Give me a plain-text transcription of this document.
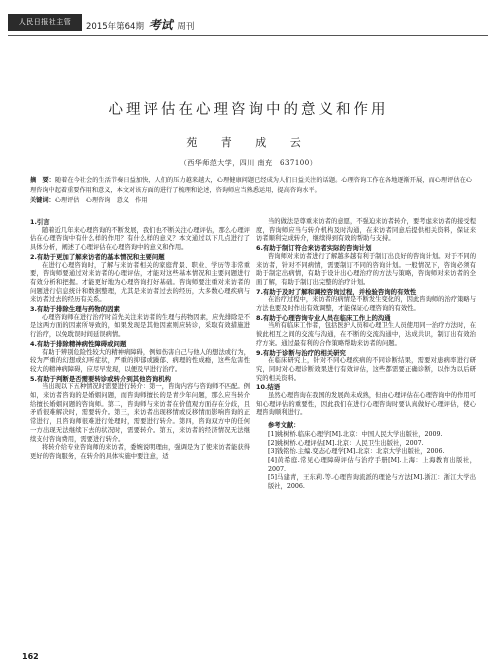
人民日报社主管	2015年第64期 考试 周刊
心理评估在心理咨询中的意义和作用
苑 青 成 云
（西华师范大学，四川 南充　637100）
摘　要：随着在今社会的生活节奏日益加快，人们的压力越来越大，心理健康问题已经成为人们日益关注的话题。心理咨询工作在各地逐渐开展，而心理评估在心理咨询中起着重要作用和意义，本文对该方面的进行了梳理和论述，咨询师应当熟悉运用，提高咨询水平。
关键词：心理评估　心理咨询　意义　作用

1.引言

随着近几年来心理咨询的不断发展，我们也不断关注心理评估，那么心理评估在心理咨询中有什么样的作用？有什么样的意义？本文通过以下几点进行了具体分析，阐述了心理评估在心理咨询中的意义和作用。

2.有助于更加了解来访者的基本情况和主要问题

在进行心理咨询时，了解与来访者相关的家庭背景、职业、学历等非常重要，咨询师要通过对来访者的心理评估，才能对这些基本情况和主要问题进行有效分析和把握。才能更好地为心理咨询打好基础。咨询师要注重对来访者的问题进行信息统计和数据整理，尤其是来访者过去的经历，大多数心理疾病与来访者过去的经历有关系。

3.有助于排除生理与药物的因素

心理咨询师在进行治疗时首先关注来访者的生理与药物因素，应先排除是不是这两方面的因素所导致的，如果发现是其他因素则应转诊，采取有效措施进行治疗，以免耽误时间延误病情。

4.有助于排除精神病性障碍或问题

有助于辨别危险性较大的精神病障碍，例如伤害自己与他人的想法或行为，较为严重的幻想或幻听症状，严重的抑郁或躁郁、病理的性成瘾，这些危害性较大的精神病障碍，应尽早发现，以便及早进行治疗。

5.有助于判断是否需要转诊或转介到其他咨询机构

当出现以下五种情况时需要进行转介：第一，咨询内容与咨询师不匹配。例如，来访者咨询的是婚姻问题，而咨询师擅长的是青少年问题，那么应当转介给擅长婚姻问题的咨询师。第二，咨询师与来访者在价值观方面存在分歧，且矛盾很难解决时，需要转介。第三，来访者出现移情或反移情而影响咨询的正常进行，且咨询师很难进行处理时，需要进行转介。第四，咨询双方中的任何一方出现无法继续下去的状况时，需要转介。第五，来访者的经济情况无法继续支付咨询费用，需要进行转介。

将转介给专业咨询师的来访者，委婉说明理由，强调是为了使来访者能获得更好的咨询服务，在转介的具体实施中要注意，适

当的做法是尊重来访者的意愿，不强迫来访者转介，要考虑来访者的接受程度，咨询师应当与转介机构及时沟通，在来访者同意后提供相关资料，保证来访者顺利完成转介，继续得到有效的帮助与支持。

6.有助于制订符合来访者实际的咨询计划

咨询师对来访者进行了解越多越有利于制订出良好的咨询计划。对于不同的来访者，针对不同病情，需要制订不同的咨询计划。一般情况下，咨询必须有助于制定出病情，有助于设计出心理治疗的方法与策略，咨询师对来访者的全面了解，有助于制订出完整的治疗计划。

7.有助于及时了解和调控咨询过程，并检验咨询的有效性

在治疗过程中，来访者的病情是不断发生变化的，因此咨询师的治疗策略与方法也要及时作出有效调整，才能保证心理咨询的有效性。

8.有助于心理咨询专业人员在临床工作上的沟通

当所有临床工作者，包括医护人员和心理卫生人员使用同一治疗方法时，在彼此相互之间的交流与沟通，在不断的交流沟通中，达成共识，制订出有效治疗方案。通过最有利的合作策略帮助来访者的问题。

9.有助于诊断与治疗的相关研究

在临床研究上，针对不同心理疾病的不同诊断结果，需要对患病率进行研究，同时对心理诊断效果进行有效评估，这些都需要正确诊断，以作为以后研究的相关资料。

10.结语

虽然心理咨询在我国的发展尚未成熟，但由心理评估在心理咨询中的作用可知心理评估的重要性，因此我们在进行心理咨询时要认真做好心理评估，使心理咨询顺利进行。

参考文献：

[1]姚树桥.临床心理学[M].北京：中国人民大学出版社，2009.

[2]姚树桥.心理评估[M].北京：人民卫生出版社，2007.

[3]钱铭怡.主编.变态心理学[M].北京：北京大学出版社，2006.

[4]黄希庭.常见心理障碍评估与治疗手册[M].上海：上海教育出版社，2007.

[5]马建青，王东莉.等.心理咨询流派的理论与方法[M].浙江：浙江大学出版社，2006.

162
